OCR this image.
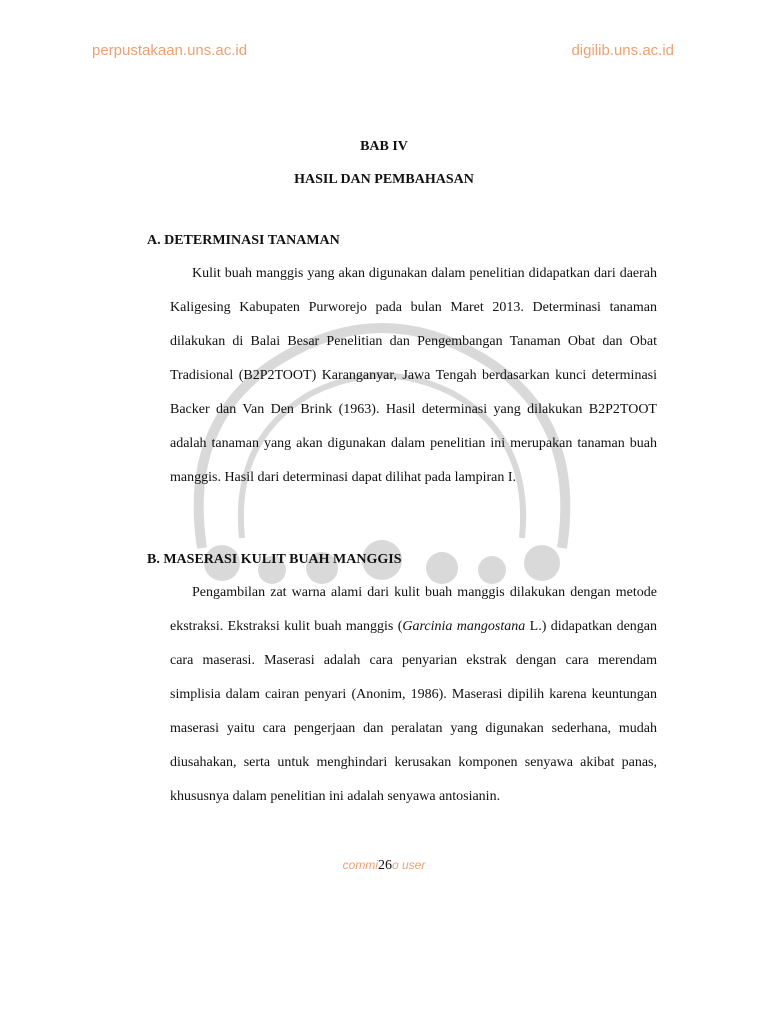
perpustakaan.uns.ac.id	digilib.uns.ac.id
BAB IV
HASIL DAN PEMBAHASAN
A. DETERMINASI TANAMAN

Kulit buah manggis yang akan digunakan dalam penelitian didapatkan dari daerah Kaligesing Kabupaten Purworejo pada bulan Maret 2013. Determinasi tanaman dilakukan di Balai Besar Penelitian dan Pengembangan Tanaman Obat dan Obat Tradisional (B2P2TOOT) Karanganyar, Jawa Tengah berdasarkan kunci determinasi Backer dan Van Den Brink (1963). Hasil determinasi yang dilakukan B2P2TOOT adalah tanaman yang akan digunakan dalam penelitian ini merupakan tanaman buah manggis. Hasil dari determinasi dapat dilihat pada lampiran I.

B. MASERASI KULIT BUAH MANGGIS

Pengambilan zat warna alami dari kulit buah manggis dilakukan dengan metode ekstraksi. Ekstraksi kulit buah manggis (Garcinia mangostana L.) didapatkan dengan cara maserasi. Maserasi adalah cara penyarian ekstrak dengan cara merendam simplisia dalam cairan penyari (Anonim, 1986). Maserasi dipilih karena keuntungan maserasi yaitu cara pengerjaan dan peralatan yang digunakan sederhana, mudah diusahakan, serta untuk menghindari kerusakan komponen senyawa akibat panas, khususnya dalam penelitian ini adalah senyawa antosianin.

commi26o user
